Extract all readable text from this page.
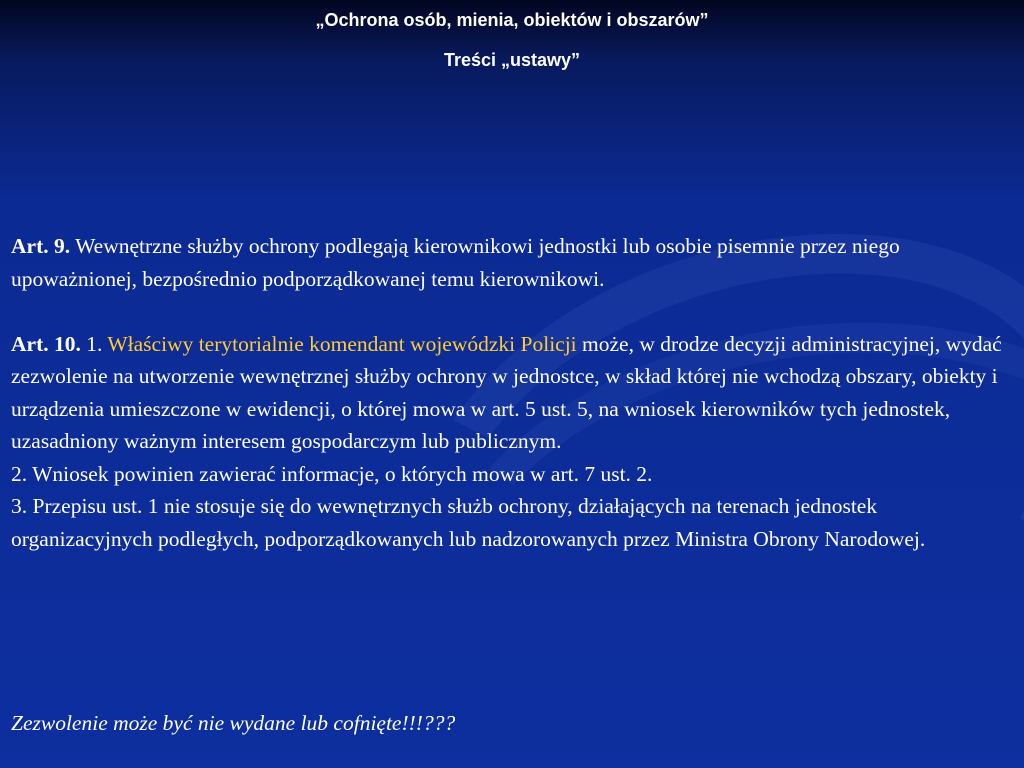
„Ochrona osób, mienia, obiektów i obszarów”
Treści „ustawy”

Art. 9. Wewnętrzne służby ochrony podlegają kierownikowi jednostki lub osobie pisemnie przez niego upoważnionej, bezpośrednio podporządkowanej temu kierownikowi.

Art. 10. 1. Właściwy terytorialnie komendant wojewódzki Policji może, w drodze decyzji administracyjnej, wydać zezwolenie na utworzenie wewnętrznej służby ochrony w jednostce, w skład której nie wchodzą obszary, obiekty i urządzenia umieszczone w ewidencji, o której mowa w art. 5 ust. 5, na wniosek kierowników tych jednostek, uzasadniony ważnym interesem gospodarczym lub publicznym.

2. Wniosek powinien zawierać informacje, o których mowa w art. 7 ust. 2.

3. Przepisu ust. 1 nie stosuje się do wewnętrznych służb ochrony, działających na terenach jednostek organizacyjnych podległych, podporządkowanych lub nadzorowanych przez Ministra Obrony Narodowej.

Zezwolenie może być nie wydane lub cofnięte!!!???
